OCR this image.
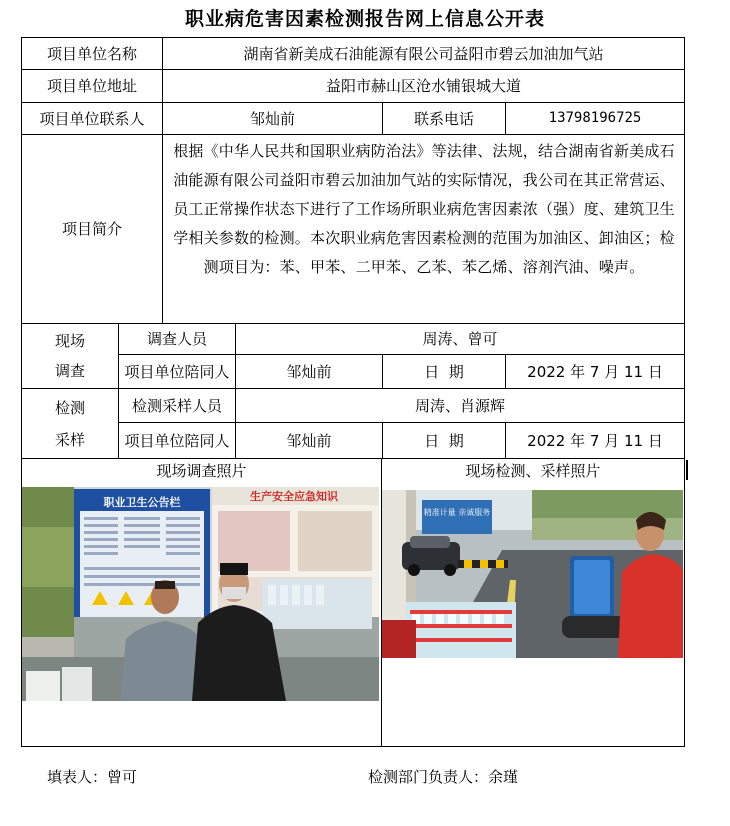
职业病危害因素检测报告网上信息公开表
项目单位名称	湖南省新美成石油能源有限公司益阳市碧云加油加气站
项目单位地址	益阳市赫山区沧水铺银城大道
项目单位联系人	邹灿前	联系电话	13798196725
项目简介
根据《中华人民共和国职业病防治法》等法律、法规，结合湖南省新美成石油能源有限公司益阳市碧云加油加气站的实际情况，我公司在其正常营运、员工正常操作状态下进行了工作场所职业病危害因素浓（强）度、建筑卫生学相关参数的检测。本次职业病危害因素检测的范围为加油区、卸油区；检测项目为：苯、甲苯、二甲苯、乙苯、苯乙烯、溶剂汽油、噪声。
现场
调查
调查人员	周涛、曾可
项目单位陪同人	邹灿前	日  期	2022 年 7 月 11 日
检测
采样
检测采样人员	周涛、肖源辉
项目单位陪同人	邹灿前	日  期	2022 年 7 月 11 日
现场调查照片	现场检测、采样照片
职业卫生公告栏	生产安全应急知识
精准计量 亲诚服务
填表人：曾可	检测部门负责人：余瑾
